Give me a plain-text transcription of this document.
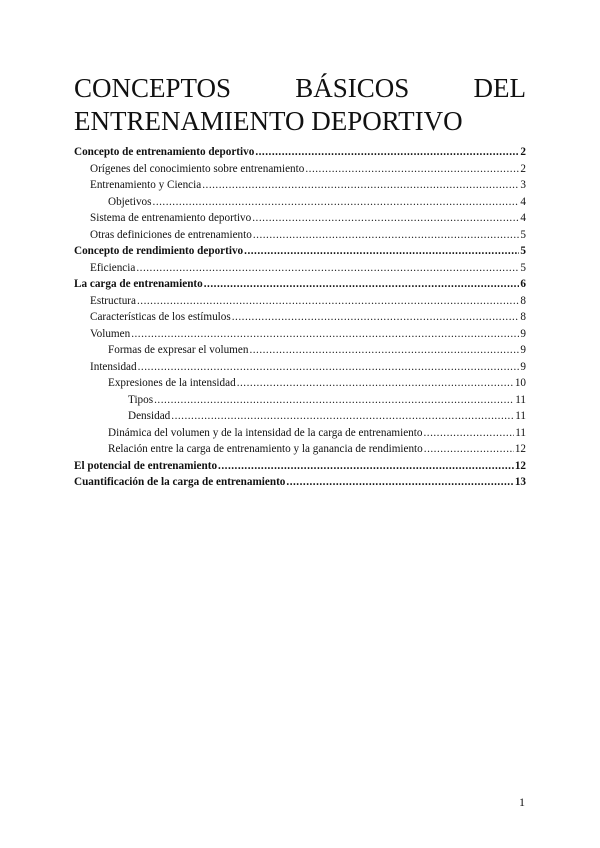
CONCEPTOS BÁSICOS DEL
ENTRENAMIENTO DEPORTIVO
Concepto de entrenamiento deportivo .....	2
Orígenes del conocimiento sobre entrenamiento .....	2
Entrenamiento y Ciencia .....	3
Objetivos .....	4
Sistema de entrenamiento deportivo .....	4
Otras definiciones de entrenamiento .....	5
Concepto de rendimiento deportivo .....	5
Eficiencia .....	5
La carga de entrenamiento .....	6
Estructura .....	8
Características de los estímulos .....	8
Volumen .....	9
Formas de expresar el volumen .....	9
Intensidad .....	9
Expresiones de la intensidad .....	10
Tipos .....	11
Densidad .....	11
Dinámica del volumen y de la intensidad de la carga de entrenamiento .....	11
Relación entre la carga de entrenamiento y la ganancia de rendimiento .....	12
El potencial de entrenamiento .....	12
Cuantificación de la carga de entrenamiento .....	13
1
